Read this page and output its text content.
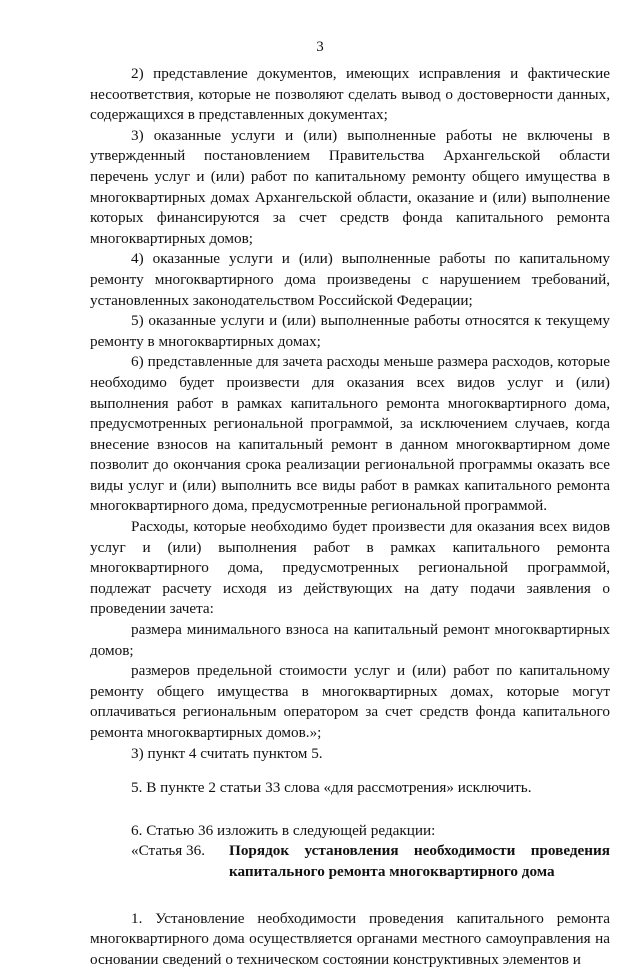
3

2) представление документов, имеющих исправления и фактические несоответствия, которые не позволяют сделать вывод о достоверности данных, содержащихся в представленных документах;

3) оказанные услуги и (или) выполненные работы не включены в утвержденный постановлением Правительства Архангельской области перечень услуг и (или) работ по капитальному ремонту общего имущества в многоквартирных домах Архангельской области, оказание и (или) выполнение которых финансируются за счет средств фонда капитального ремонта многоквартирных домов;

4) оказанные услуги и (или) выполненные работы по капитальному ремонту многоквартирного дома произведены с нарушением требований, установленных законодательством Российской Федерации;

5) оказанные услуги и (или) выполненные работы относятся к текущему ремонту в многоквартирных домах;

6) представленные для зачета расходы меньше размера расходов, которые необходимо будет произвести для оказания всех видов услуг и (или) выполнения работ в рамках капитального ремонта многоквартирного дома, предусмотренных региональной программой, за исключением случаев, когда внесение взносов на капитальный ремонт в данном многоквартирном доме позволит до окончания срока реализации региональной программы оказать все виды услуг и (или) выполнить все виды работ в рамках капитального ремонта многоквартирного дома, предусмотренные региональной программой.

Расходы, которые необходимо будет произвести для оказания всех видов услуг и (или) выполнения работ в рамках капитального ремонта многоквартирного дома, предусмотренных региональной программой, подлежат расчету исходя из действующих на дату подачи заявления о проведении зачета:

размера минимального взноса на капитальный ремонт многоквартирных домов;

размеров предельной стоимости услуг и (или) работ по капитальному ремонту общего имущества в многоквартирных домах, которые могут оплачиваться региональным оператором за счет средств фонда капитального ремонта многоквартирных домов.»;

3) пункт 4 считать пунктом 5.

5. В пункте 2 статьи 33 слова «для рассмотрения» исключить.

6. Статью 36 изложить в следующей редакции:

«Статья 36.	Порядок установления необходимости проведения капитального ремонта многоквартирного дома

1. Установление необходимости проведения капитального ремонта многоквартирного дома осуществляется органами местного самоуправления на основании сведений о техническом состоянии конструктивных элементов и
